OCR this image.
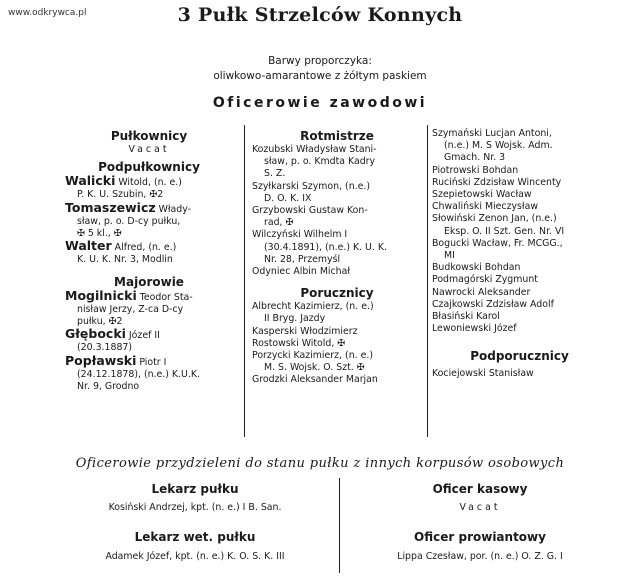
www.odkrywca.pl	3 Pułk Strzelców Konnych
Barwy proporczyka:
oliwkowo-amarantowe z żółtym paskiem
Oficerowie zawodowi

Pułkownicy

Vacat

Podpułkownicy

Walicki Witold, (n. e.)

P. K. U. Szubin, ✠2

Tomaszewicz Włady-

sław, p. o. D-cy pułku,

✠ 5 kl., ✠

Walter Alfred, (n. e.)

K. U. K. Nr. 3, Modlin

Majorowie

Mogilnicki Teodor Sta-

nisław Jerzy, Z-ca D-cy

pułku, ✠2

Głębocki Józef II

(20.3.1887)

Popławski Piotr I

(24.12.1878), (n.e.) K.U.K.

Nr. 9, Grodno

Rotmistrze

Kozubski Władysław Stani-

sław, p. o. Kmdta Kadry

S. Z.

Szyłkarski Szymon, (n.e.)

D. O. K. IX

Grzybowski Gustaw Kon-

rad, ✠

Wilczyński Wilhelm I

(30.4.1891), (n.e.) K. U. K.

Nr. 28, Przemyśl

Odyniec Albin Michał

Porucznicy

Albrecht Kazimierz, (n. e.)

II Bryg. Jazdy

Kasperski Włodzimierz

Rostowski Witold, ✠

Porzycki Kazimierz, (n. e.)

M. S. Wojsk. O. Szt. ✠

Grodzki Aleksander Marjan

Szymański Lucjan Antoni,

(n.e.) M. S Wojsk. Adm.

Gmach. Nr. 3

Piotrowski Bohdan

Ruciński Zdzisław Wincenty

Szepietowski Wacław

Chwaliński Mieczysław

Słowiński Zenon Jan, (n.e.)

Eksp. O. II Szt. Gen. Nr. VI

Bogucki Wacław, Fr. MCGG.,

MI

Budkowski Bohdan

Podmagórski Zygmunt

Nawrocki Aleksander

Czajkowski Zdzisław Adolf

Błasiński Karol

Lewoniewski Józef

Podporucznicy

Kociejowski Stanisław

Oficerowie przydzieleni do stanu pułku z innych korpusów osobowych
Lekarz pułku
Kosiński Andrzej, kpt. (n. e.) I B. San.
Oficer kasowy
Vacat
Lekarz wet. pułku
Adamek Józef, kpt. (n. e.) K. O. S. K. III
Oficer prowiantowy
Lippa Czesław, por. (n. e.) O. Z. G. I
